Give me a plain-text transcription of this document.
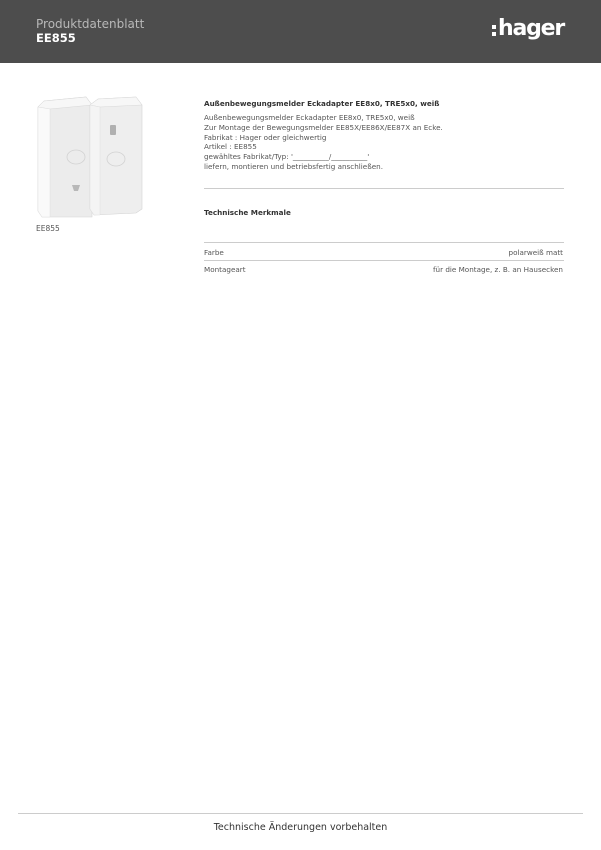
Produktdatenblatt
EE855	hager
EE855
Außenbewegungsmelder Eckadapter EE8x0, TRE5x0, weiß
Außenbewegungsmelder Eckadapter EE8x0, TRE5x0, weiß
Zur Montage der Bewegungsmelder EE85X/EE86X/EE87X an Ecke.
Fabrikat : Hager oder gleichwertig
Artikel : EE855
gewähltes Fabrikat/Typ: '__________/__________'
liefern, montieren und betriebsfertig anschließen.
Technische Merkmale
Farbe	polarweiß matt
Montageart	für die Montage, z. B. an Hausecken
Technische Änderungen vorbehalten
